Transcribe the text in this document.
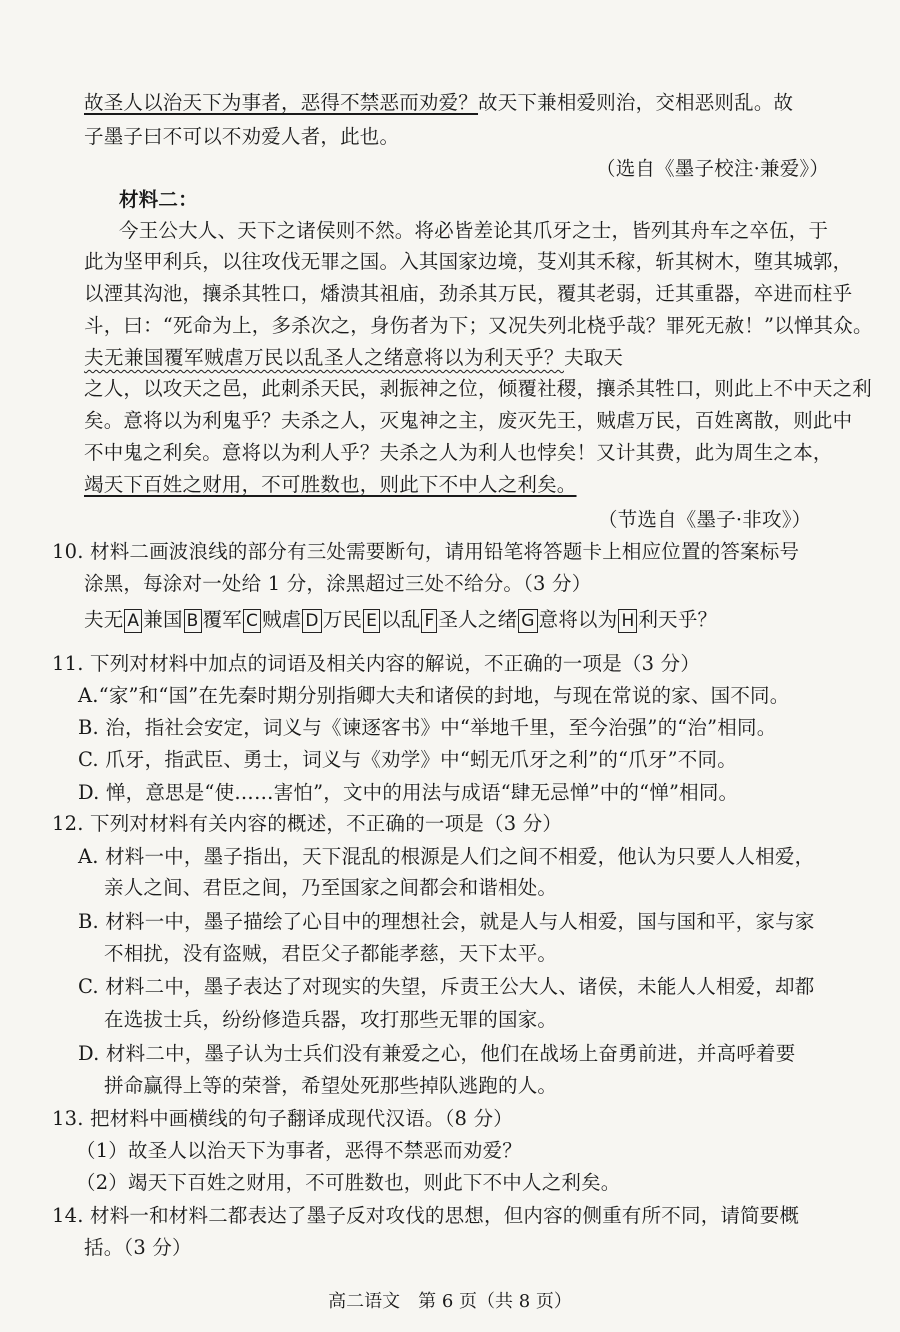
故圣人以治天下为事者，恶得不禁恶而劝爱？故天下兼相爱则治，交相恶则乱。故
子墨子曰不可以不劝爱人者，此也。
（选自《墨子校注·兼爱》）
材料二：
今王公大人、天下之诸侯则不然。将必皆差论其爪牙之士，皆列其舟车之卒伍，于
此为坚甲利兵，以往攻伐无罪之国。入其国家边境，芟刈其禾稼，斩其树木，堕其城郭，
以湮其沟池，攘杀其牲口，燔溃其祖庙，劲杀其万民，覆其老弱，迁其重器，卒进而柱乎
斗，曰：“死命为上，多杀次之，身伤者为下；又况失列北桡乎哉？罪死无赦！”以惮其众。
夫无兼国覆军贼虐万民以乱圣人之绪意将以为利天乎？夫取天
之人，以攻天之邑，此刺杀天民，剥振神之位，倾覆社稷，攘杀其牲口，则此上不中天之利
矣。意将以为利鬼乎？夫杀之人，灭鬼神之主，废灭先王，贼虐万民，百姓离散，则此中
不中鬼之利矣。意将以为利人乎？夫杀之人为利人也悖矣！又计其费，此为周生之本，
竭天下百姓之财用，不可胜数也，则此下不中人之利矣。
（节选自《墨子·非攻》）
10. 材料二画波浪线的部分有三处需要断句，请用铅笔将答题卡上相应位置的答案标号
涂黑，每涂对一处给 1 分，涂黑超过三处不给分。（3 分）
夫无 A 兼国 B 覆军 C 贼虐 D 万民 E 以乱 F 圣人之绪 G 意将以为 H 利天乎？
11. 下列对材料中加点的词语及相关内容的解说，不正确的一项是（3 分）
A.“家”和“国”在先秦时期分别指卿大夫和诸侯的封地，与现在常说的家、国不同。
B. 治，指社会安定，词义与《谏逐客书》中“举地千里，至今治强”的“治”相同。
C. 爪牙，指武臣、勇士，词义与《劝学》中“蚓无爪牙之利”的“爪牙”不同。
D. 惮，意思是“使……害怕”，文中的用法与成语“肆无忌惮”中的“惮”相同。
12. 下列对材料有关内容的概述，不正确的一项是（3 分）
A. 材料一中，墨子指出，天下混乱的根源是人们之间不相爱，他认为只要人人相爱，
亲人之间、君臣之间，乃至国家之间都会和谐相处。
B. 材料一中，墨子描绘了心目中的理想社会，就是人与人相爱，国与国和平，家与家
不相扰，没有盗贼，君臣父子都能孝慈，天下太平。
C. 材料二中，墨子表达了对现实的失望，斥责王公大人、诸侯，未能人人相爱，却都
在选拔士兵，纷纷修造兵器，攻打那些无罪的国家。
D. 材料二中，墨子认为士兵们没有兼爱之心，他们在战场上奋勇前进，并高呼着要
拼命赢得上等的荣誉，希望处死那些掉队逃跑的人。
13. 把材料中画横线的句子翻译成现代汉语。（8 分）
（1）故圣人以治天下为事者，恶得不禁恶而劝爱？
（2）竭天下百姓之财用，不可胜数也，则此下不中人之利矣。
14. 材料一和材料二都表达了墨子反对攻伐的思想，但内容的侧重有所不同，请简要概
括。（3 分）
高二语文　第 6 页（共 8 页）
